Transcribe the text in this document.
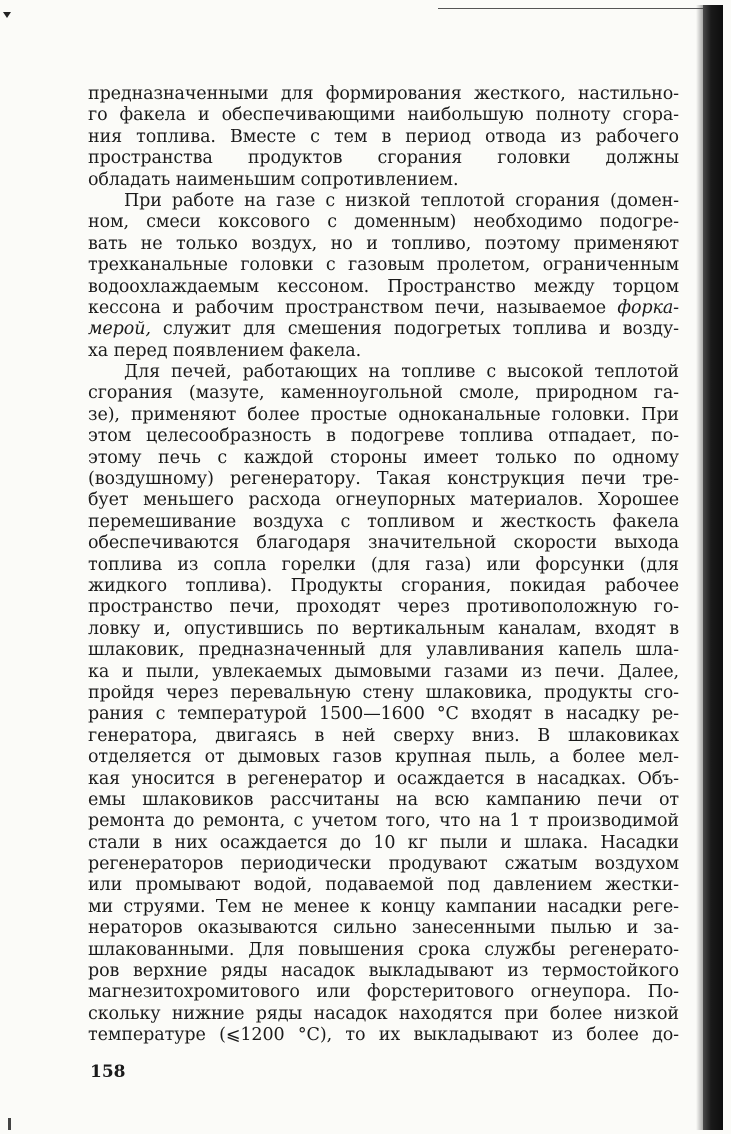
предназначенными для формирования жесткого, настильно-
го факела и обеспечивающими наибольшую полноту сгора-
ния топлива. Вместе с тем в период отвода из рабочего
пространства продуктов сгорания головки должны
обладать наименьшим сопротивлением.
При работе на газе с низкой теплотой сгорания (домен-
ном, смеси коксового с доменным) необходимо подогре-
вать не только воздух, но и топливо, поэтому применяют
трехканальные головки с газовым пролетом, ограниченным
водоохлаждаемым кессоном. Пространство между торцом
кессона и рабочим пространством печи, называемое форка-
мерой, служит для смешения подогретых топлива и возду-
ха перед появлением факела.
Для печей, работающих на топливе с высокой теплотой
сгорания (мазуте, каменноугольной смоле, природном га-
зе), применяют более простые одноканальные головки. При
этом целесообразность в подогреве топлива отпадает, по-
этому печь с каждой стороны имеет только по одному
(воздушному) регенератору. Такая конструкция печи тре-
бует меньшего расхода огнеупорных материалов. Хорошее
перемешивание воздуха с топливом и жесткость факела
обеспечиваются благодаря значительной скорости выхода
топлива из сопла горелки (для газа) или форсунки (для
жидкого топлива). Продукты сгорания, покидая рабочее
пространство печи, проходят через противоположную го-
ловку и, опустившись по вертикальным каналам, входят в
шлаковик, предназначенный для улавливания капель шла-
ка и пыли, увлекаемых дымовыми газами из печи. Далее,
пройдя через перевальную стену шлаковика, продукты сго-
рания с температурой 1500—1600 °С входят в насадку ре-
генератора, двигаясь в ней сверху вниз. В шлаковиках
отделяется от дымовых газов крупная пыль, а более мел-
кая уносится в регенератор и осаждается в насадках. Объ-
емы шлаковиков рассчитаны на всю кампанию печи от
ремонта до ремонта, с учетом того, что на 1 т производимой
стали в них осаждается до 10 кг пыли и шлака. Насадки
регенераторов периодически продувают сжатым воздухом
или промывают водой, подаваемой под давлением жестки-
ми струями. Тем не менее к концу кампании насадки реге-
нераторов оказываются сильно занесенными пылью и за-
шлакованными. Для повышения срока службы регенерато-
ров верхние ряды насадок выкладывают из термостойкого
магнезитохромитового или форстеритового огнеупора. По-
скольку нижние ряды насадок находятся при более низкой
температуре (⩽1200 °С), то их выкладывают из более до-
158
